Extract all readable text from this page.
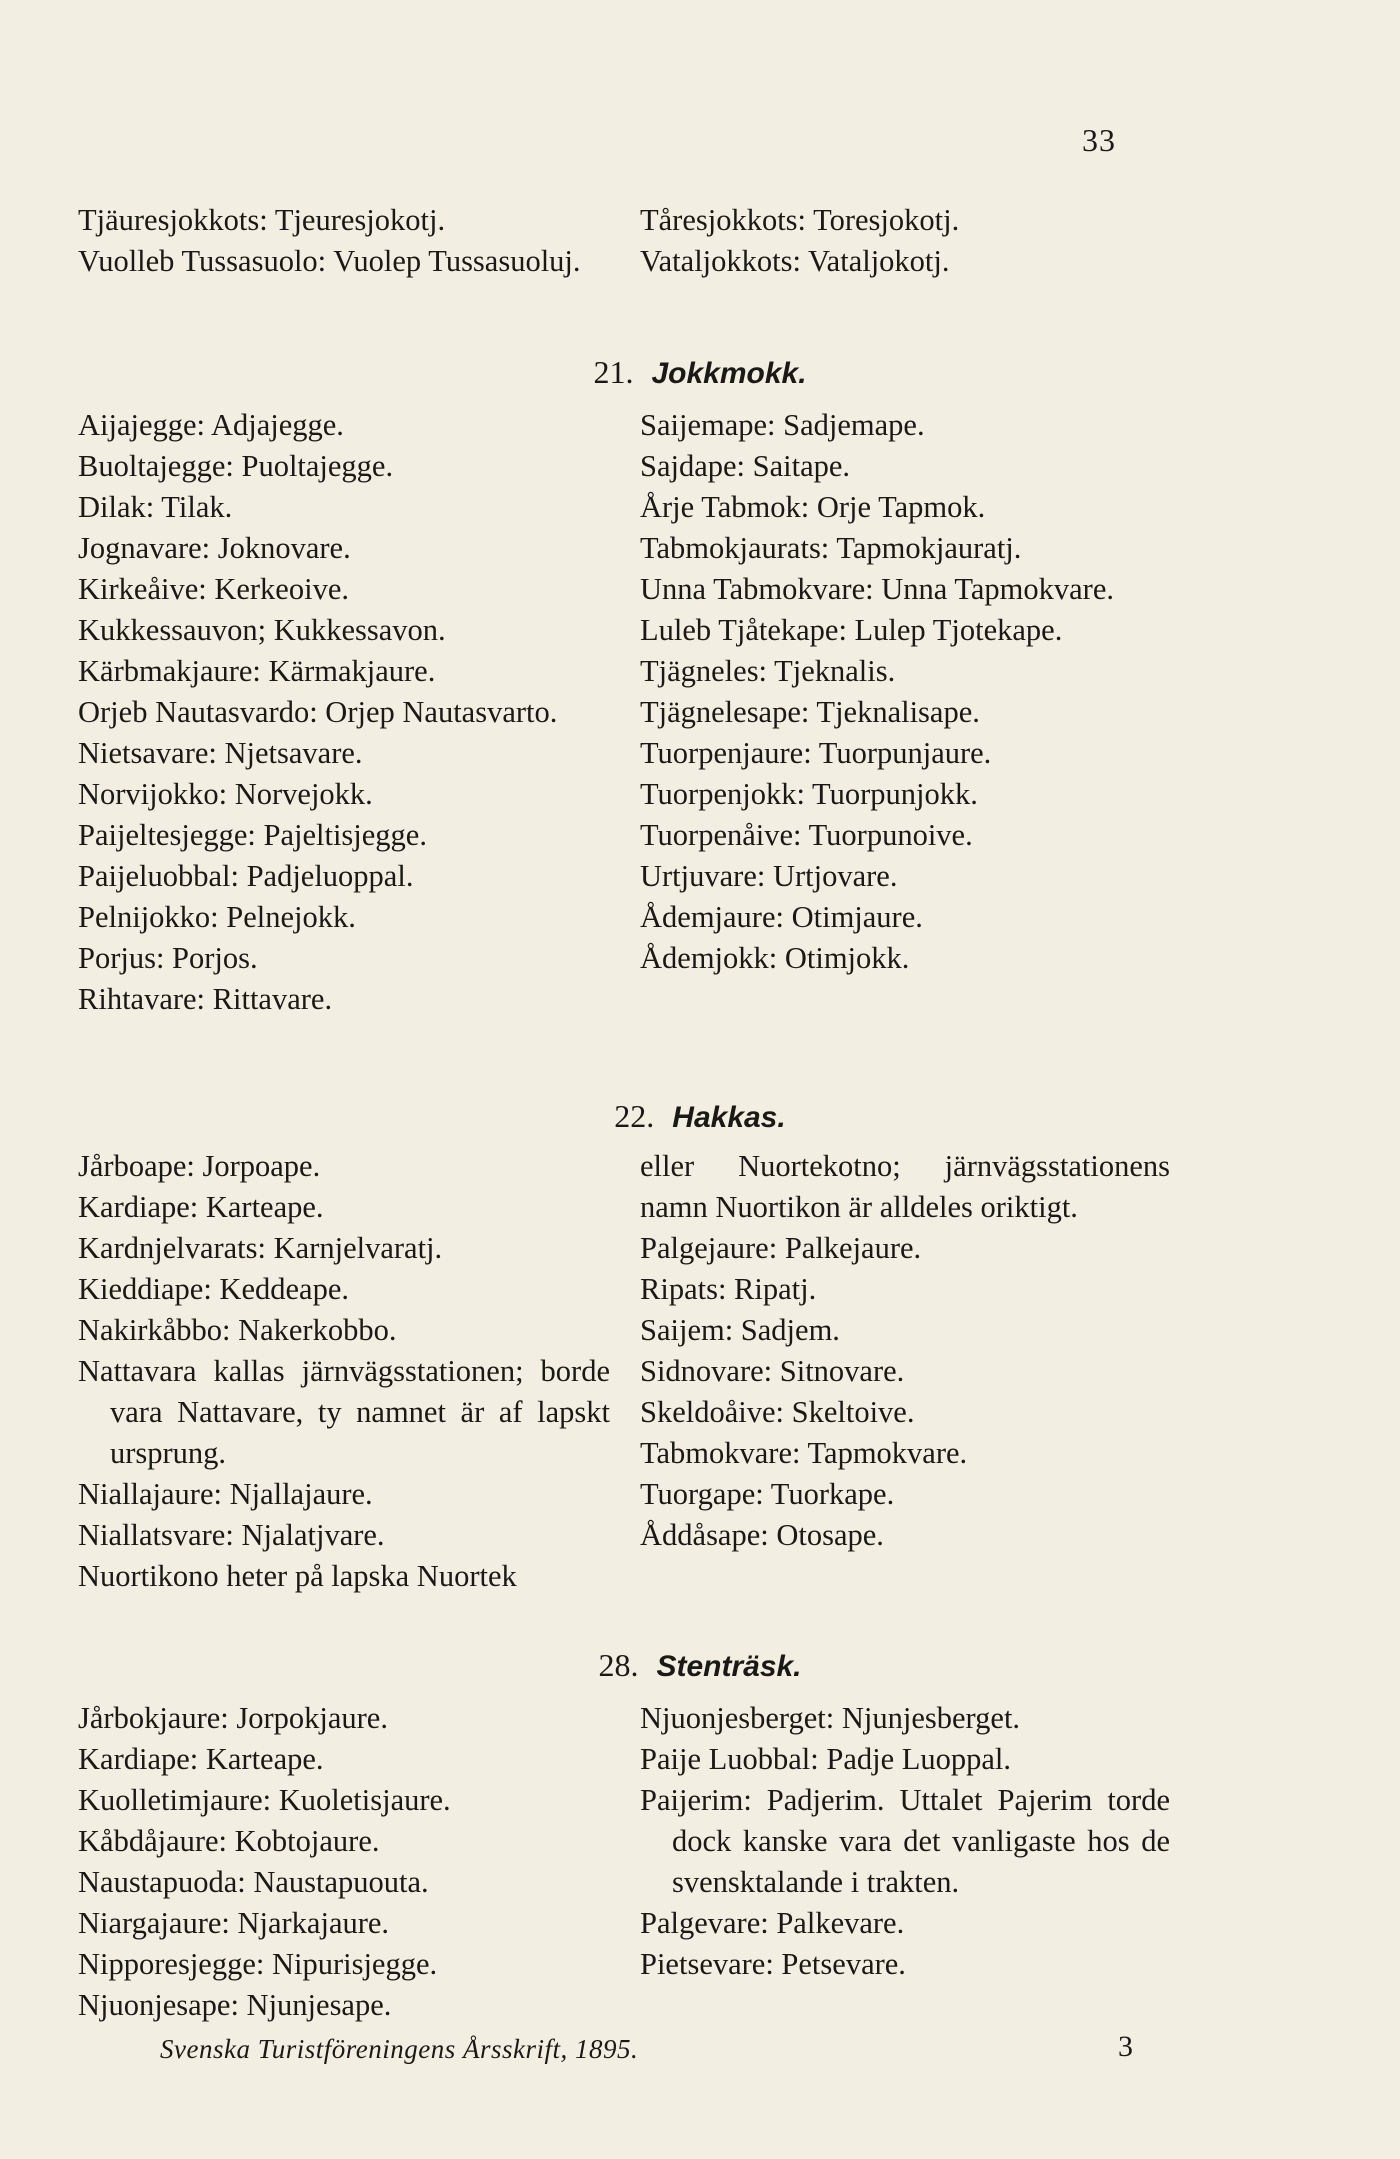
33
Tjäuresjokkots: Tjeuresjokotj.
Vuolleb Tussasuolo: Vuolep Tussasuoluj.
Tåresjokkots: Toresjokotj.
Vataljokkots: Vataljokotj.
21. Jokkmokk.
Aijajegge: Adjajegge.
Buoltajegge: Puoltajegge.
Dilak: Tilak.
Jognavare: Joknovare.
Kirkeåive: Kerkeoive.
Kukkessauvon; Kukkessavon.
Kärbmakjaure: Kärmakjaure.
Orjeb Nautasvardo: Orjep Nautasvarto.
Nietsavare: Njetsavare.
Norvijokko: Norvejokk.
Paijeltesjegge: Pajeltisjegge.
Paijeluobbal: Padjeluoppal.
Pelnijokko: Pelnejokk.
Porjus: Porjos.
Rihtavare: Rittavare.
Saijemape: Sadjemape.
Sajdape: Saitape.
Årje Tabmok: Orje Tapmok.
Tabmokjaurats: Tapmokjauratj.
Unna Tabmokvare: Unna Tapmokvare.
Luleb Tjåtekape: Lulep Tjotekape.
Tjägneles: Tjeknalis.
Tjägnelesape: Tjeknalisape.
Tuorpenjaure: Tuorpunjaure.
Tuorpenjokk: Tuorpunjokk.
Tuorpenåive: Tuorpunoive.
Urtjuvare: Urtjovare.
Ådemjaure: Otimjaure.
Ådemjokk: Otimjokk.
22. Hakkas.
Jårboape: Jorpoape.
Kardiape: Karteape.
Kardnjelvarats: Karnjelvaratj.
Kieddiape: Keddeape.
Nakirkåbbo: Nakerkobbo.
Nattavara kallas järnvägsstationen; borde vara Nattavare, ty namnet är af lapskt ursprung.
Niallajaure: Njallajaure.
Niallatsvare: Njalatjvare.
Nuortikono heter på lapska Nuortek
eller Nuortekotno; järnvägsstationens namn Nuortikon är alldeles oriktigt.
Palgejaure: Palkejaure.
Ripats: Ripatj.
Saijem: Sadjem.
Sidnovare: Sitnovare.
Skeldoåive: Skeltoive.
Tabmokvare: Tapmokvare.
Tuorgape: Tuorkape.
Åddåsape: Otosape.
28. Stenträsk.
Jårbokjaure: Jorpokjaure.
Kardiape: Karteape.
Kuolletimjaure: Kuoletisjaure.
Kåbdåjaure: Kobtojaure.
Naustapuoda: Naustapuouta.
Niargajaure: Njarkajaure.
Nipporesjegge: Nipurisjegge.
Njuonjesape: Njunjesape.
Njuonjesberget: Njunjesberget.
Paije Luobbal: Padje Luoppal.
Paijerim: Padjerim. Uttalet Pajerim torde dock kanske vara det vanligaste hos de svensktalande i trakten.
Palgevare: Palkevare.
Pietsevare: Petsevare.
Svenska Turistföreningens Årsskrift, 1895.	3
